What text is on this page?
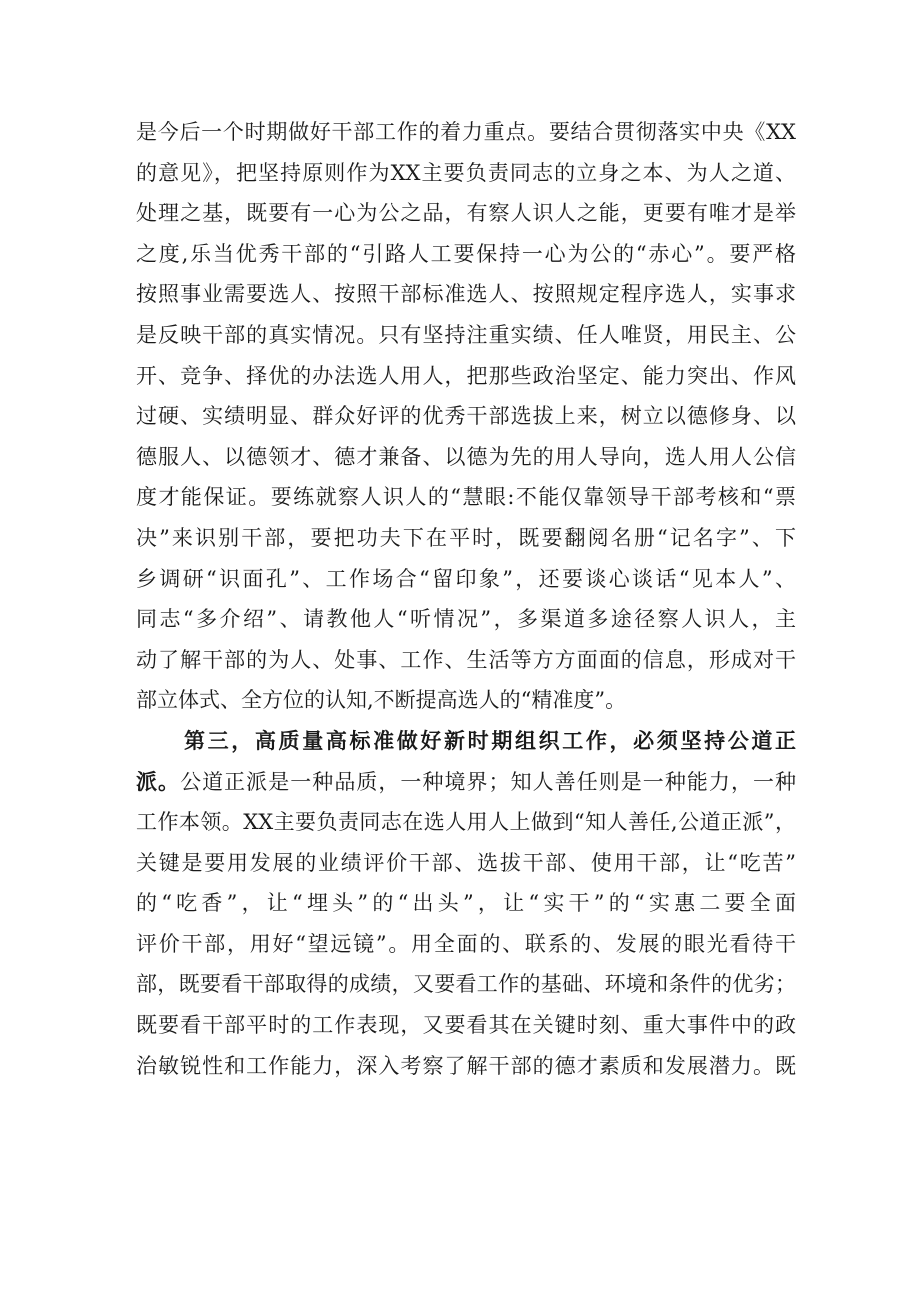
是今后一个时期做好干部工作的着力重点。要结合贯彻落实中央《XX
的意见》，把坚持原则作为XX主要负责同志的立身之本、为人之道、
处理之基，既要有一心为公之品，有察人识人之能，更要有唯才是举
之度,乐当优秀干部的“引路人工要保持一心为公的“赤心”。要严格
按照事业需要选人、按照干部标准选人、按照规定程序选人，实事求
是反映干部的真实情况。只有坚持注重实绩、任人唯贤，用民主、公
开、竞争、择优的办法选人用人，把那些政治坚定、能力突出、作风
过硬、实绩明显、群众好评的优秀干部选拔上来，树立以德修身、以
德服人、以德领才、德才兼备、以德为先的用人导向，选人用人公信
度才能保证。要练就察人识人的“慧眼:不能仅靠领导干部考核和“票
决”来识别干部，要把功夫下在平时，既要翻阅名册“记名字”、下
乡调研“识面孔”、工作场合“留印象”，还要谈心谈话“见本人”、
同志“多介绍”、请教他人“听情况”，多渠道多途径察人识人，主
动了解干部的为人、处事、工作、生活等方方面面的信息，形成对干
部立体式、全方位的认知,不断提高选人的“精准度”。
第三，高质量高标准做好新时期组织工作，必须坚持公道正
派。公道正派是一种品质，一种境界；知人善任则是一种能力，一种
工作本领。XX主要负责同志在选人用人上做到“知人善任,公道正派”，
关键是要用发展的业绩评价干部、选拔干部、使用干部，让“吃苦”
的“吃香”，让“埋头”的“出头”，让“实干”的“实惠二要全面
评价干部，用好“望远镜”。用全面的、联系的、发展的眼光看待干
部，既要看干部取得的成绩，又要看工作的基础、环境和条件的优劣；
既要看干部平时的工作表现，又要看其在关键时刻、重大事件中的政
治敏锐性和工作能力，深入考察了解干部的德才素质和发展潜力。既
